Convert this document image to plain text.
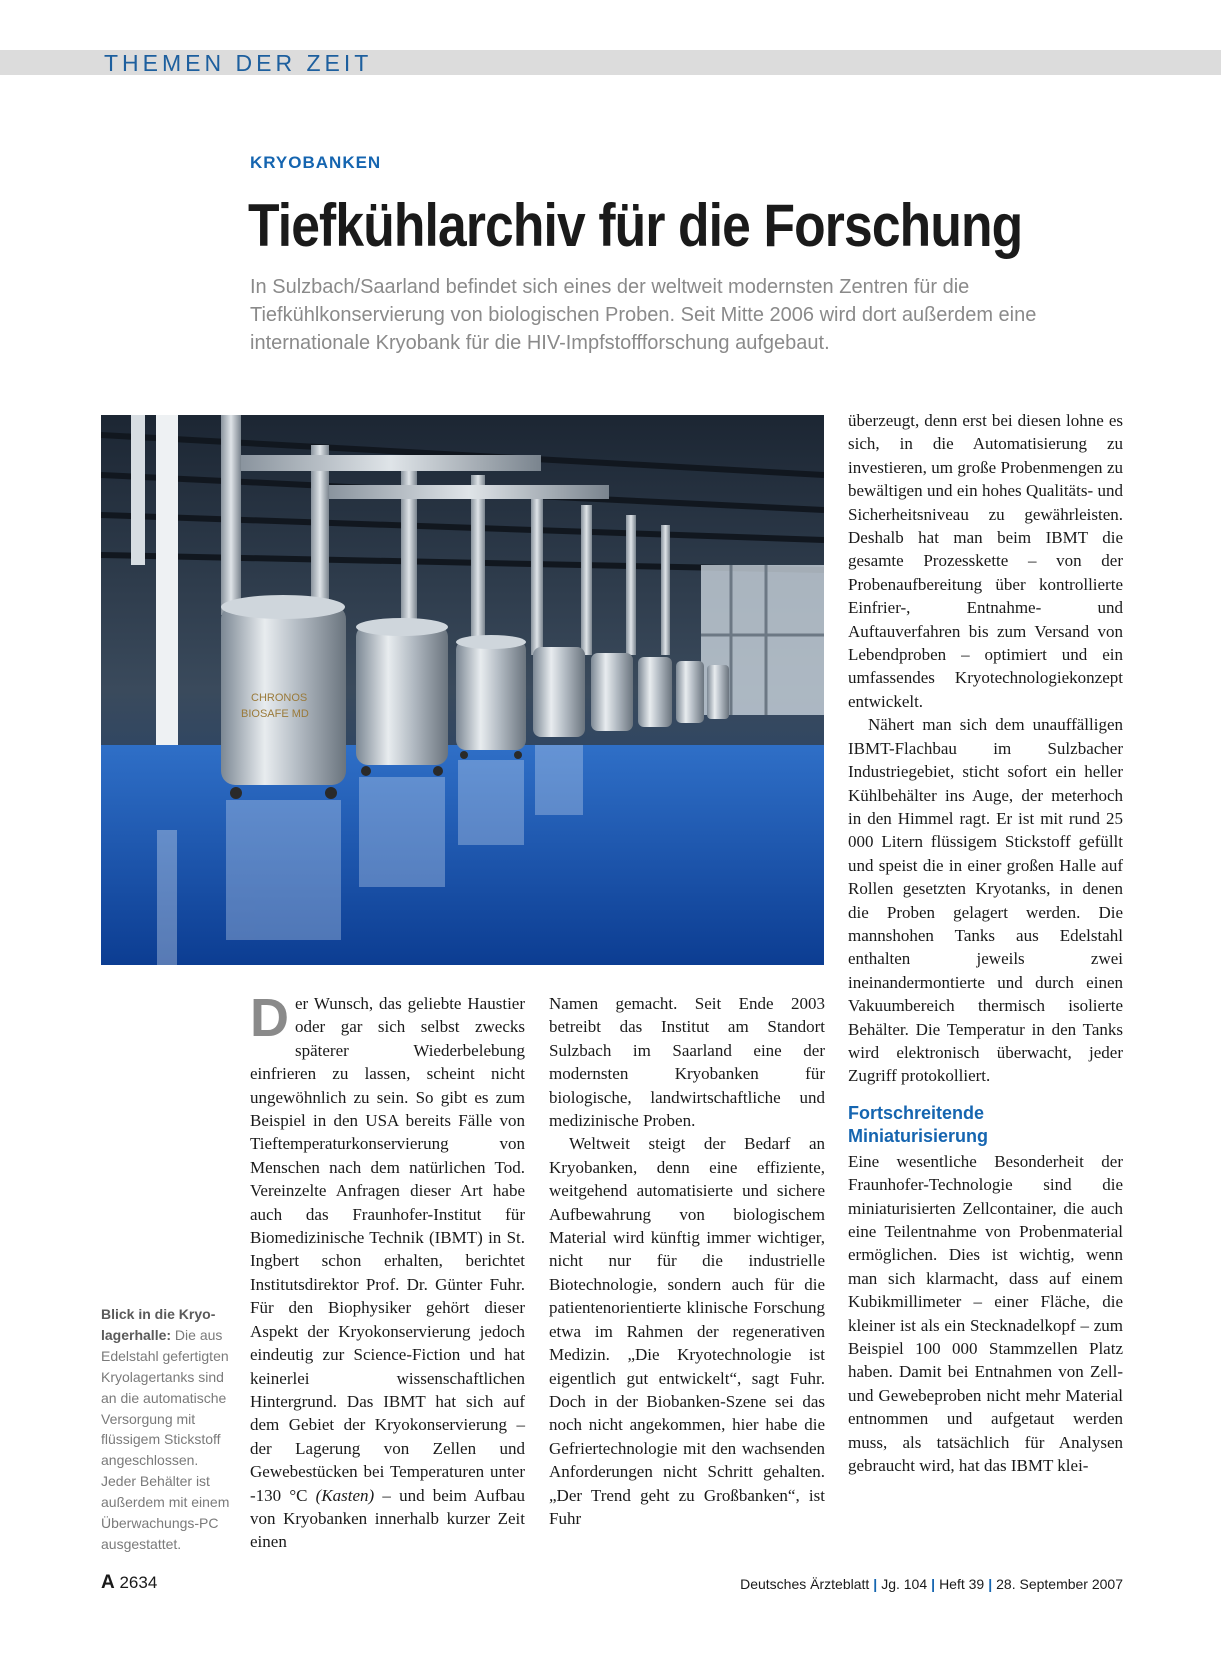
THEMEN DER ZEIT
KRYOBANKEN
Tiefkühlarchiv für die Forschung
In Sulzbach/Saarland befindet sich eines der weltweit modernsten Zentren für die Tiefkühlkonservierung von biologischen Proben. Seit Mitte 2006 wird dort außerdem eine internationale Kryobank für die HIV-Impfstoffforschung aufgebaut.
CHRONOS
BIOSAFE MD
Blick in die Kryolagerhalle: Die aus Edelstahl gefertigten Kryolagertanks sind an die automatische Versorgung mit flüssigem Stickstoff angeschlossen. Jeder Behälter ist außerdem mit einem Überwachungs-PC ausgestattet.

Der Wunsch, das geliebte Haustier oder gar sich selbst zwecks späterer Wiederbelebung einfrieren zu lassen, scheint nicht ungewöhnlich zu sein. So gibt es zum Beispiel in den USA bereits Fälle von Tieftemperaturkonservierung von Menschen nach dem natürlichen Tod. Vereinzelte Anfragen dieser Art habe auch das Fraunhofer-Institut für Biomedizinische Technik (IBMT) in St. Ingbert schon erhalten, berichtet Institutsdirektor Prof. Dr. Günter Fuhr. Für den Biophysiker gehört dieser Aspekt der Kryokonservierung jedoch eindeutig zur Science-Fiction und hat keinerlei wissenschaftlichen Hintergrund. Das IBMT hat sich auf dem Gebiet der Kryokonservierung – der Lagerung von Zellen und Gewebestücken bei Temperaturen unter -130 °C (Kasten) – und beim Aufbau von Kryobanken innerhalb kurzer Zeit einen

Namen gemacht. Seit Ende 2003 betreibt das Institut am Standort Sulzbach im Saarland eine der modernsten Kryobanken für biologische, landwirtschaftliche und medizinische Proben.

Weltweit steigt der Bedarf an Kryobanken, denn eine effiziente, weitgehend automatisierte und sichere Aufbewahrung von biologischem Material wird künftig immer wichtiger, nicht nur für die industrielle Biotechnologie, sondern auch für die patientenorientierte klinische Forschung etwa im Rahmen der regenerativen Medizin. „Die Kryotechnologie ist eigentlich gut entwickelt“, sagt Fuhr. Doch in der Biobanken-Szene sei das noch nicht angekommen, hier habe die Gefriertechnologie mit den wachsenden Anforderungen nicht Schritt gehalten. „Der Trend geht zu Großbanken“, ist Fuhr

überzeugt, denn erst bei diesen lohne es sich, in die Automatisierung zu investieren, um große Probenmengen zu bewältigen und ein hohes Qualitäts- und Sicherheitsniveau zu gewährleisten. Deshalb hat man beim IBMT die gesamte Prozesskette – von der Probenaufbereitung über kontrollierte Einfrier-, Entnahme- und Auftauverfahren bis zum Versand von Lebendproben – optimiert und ein umfassendes Kryotechnologiekonzept entwickelt.

Nähert man sich dem unauffälligen IBMT-Flachbau im Sulzbacher Industriegebiet, sticht sofort ein heller Kühlbehälter ins Auge, der meterhoch in den Himmel ragt. Er ist mit rund 25 000 Litern flüssigem Stickstoff gefüllt und speist die in einer großen Halle auf Rollen gesetzten Kryotanks, in denen die Proben gelagert werden. Die mannshohen Tanks aus Edelstahl enthalten jeweils zwei ineinandermontierte und durch einen Vakuumbereich thermisch isolierte Behälter. Die Temperatur in den Tanks wird elektronisch überwacht, jeder Zugriff protokolliert.

Fortschreitende
Miniaturisierung

Eine wesentliche Besonderheit der Fraunhofer-Technologie sind die miniaturisierten Zellcontainer, die auch eine Teilentnahme von Probenmaterial ermöglichen. Dies ist wichtig, wenn man sich klarmacht, dass auf einem Kubikmillimeter – einer Fläche, die kleiner ist als ein Stecknadelkopf – zum Beispiel 100 000 Stammzellen Platz haben. Damit bei Entnahmen von Zell- und Gewebeproben nicht mehr Material entnommen und aufgetaut werden muss, als tatsächlich für Analysen gebraucht wird, hat das IBMT klei-

A 2634	Deutsches Ärzteblatt | Jg. 104 | Heft 39 | 28. September 2007
